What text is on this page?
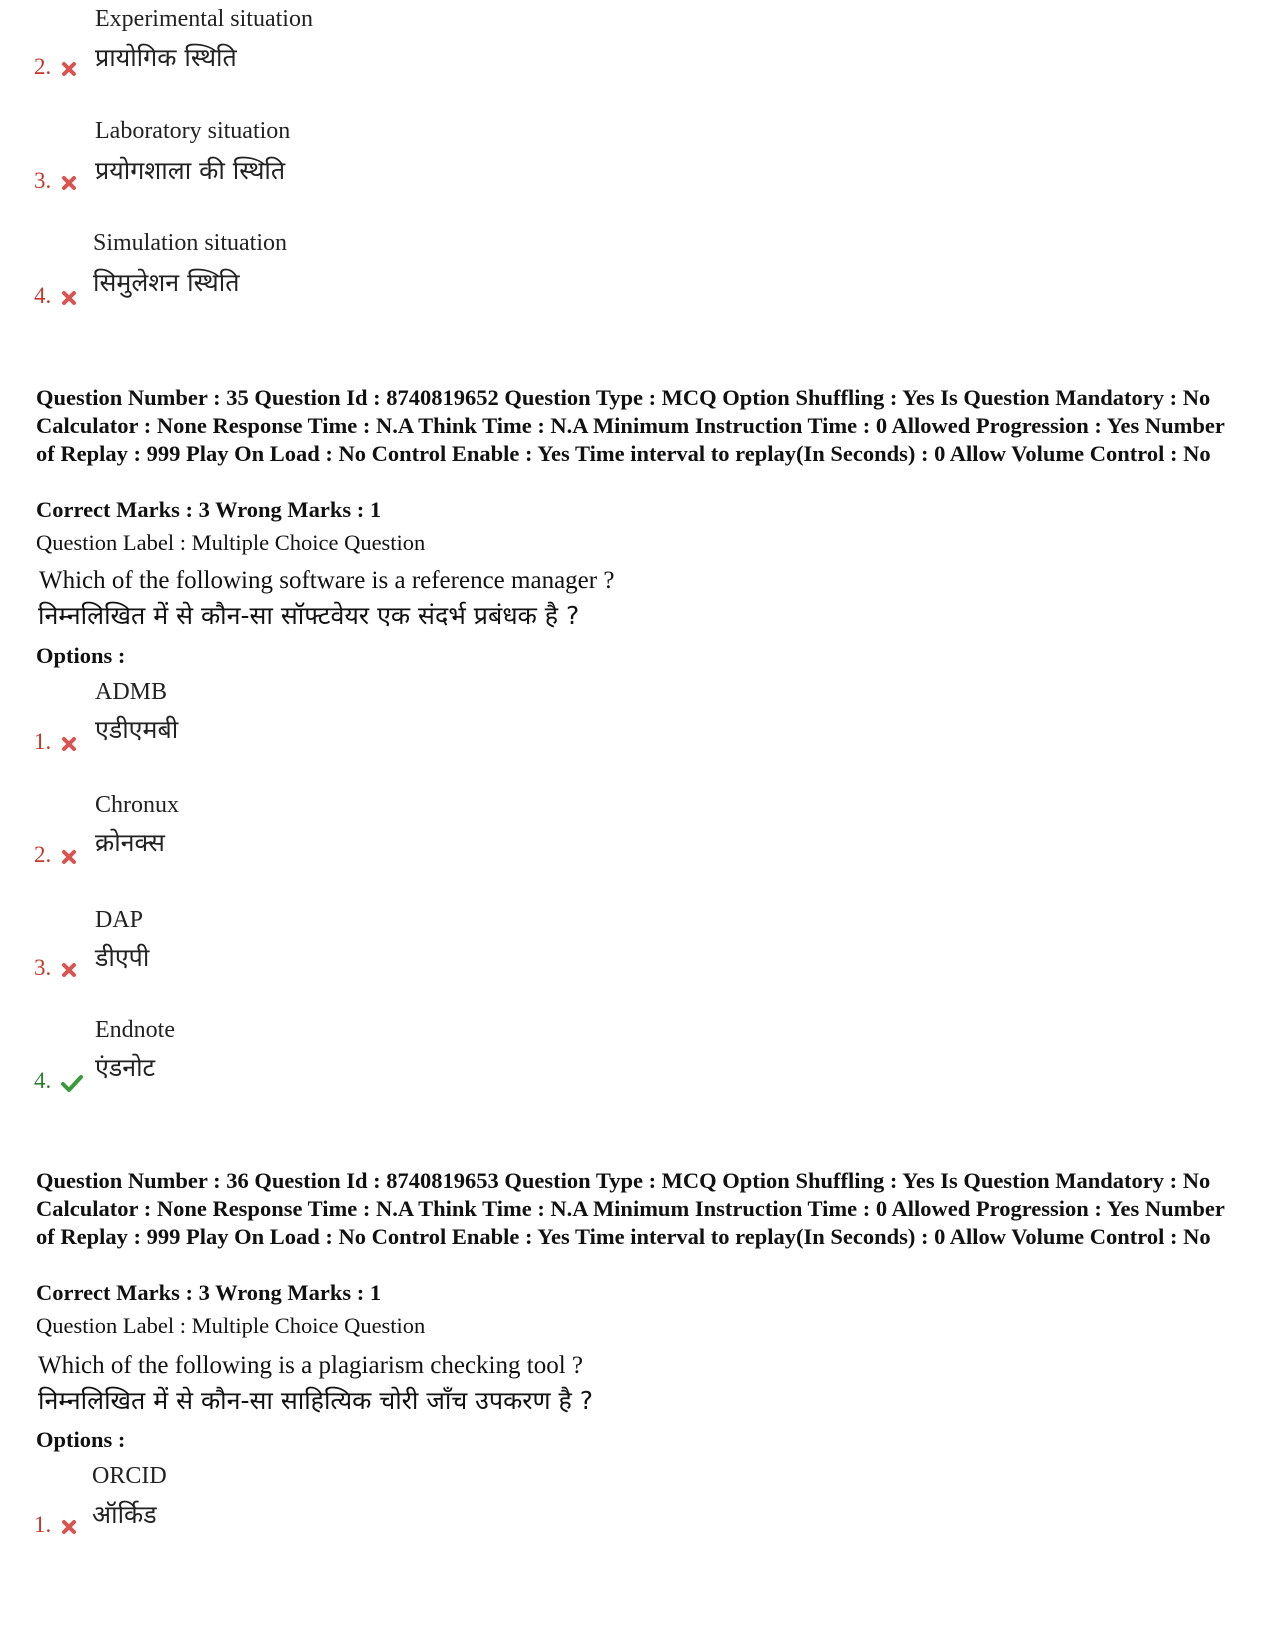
Experimental situation
प्रायोगिक स्थिति
2.
Laboratory situation
प्रयोगशाला की स्थिति
3.
Simulation situation
सिमुलेशन स्थिति
4.
Question Number : 35 Question Id : 8740819652 Question Type : MCQ Option Shuffling : Yes Is Question Mandatory : No Calculator : None Response Time : N.A Think Time : N.A Minimum Instruction Time : 0 Allowed Progression : Yes Number of Replay : 999 Play On Load : No Control Enable : Yes Time interval to replay(In Seconds) : 0 Allow Volume Control : No
Correct Marks : 3 Wrong Marks : 1
Question Label : Multiple Choice Question
Which of the following software is a reference manager ?
निम्नलिखित में से कौन-सा सॉफ्टवेयर एक संदर्भ प्रबंधक है ?
Options :
ADMB
एडीएमबी
1.
Chronux
क्रोनक्स
2.
DAP
डीएपी
3.
Endnote
एंडनोट
4.
Question Number : 36 Question Id : 8740819653 Question Type : MCQ Option Shuffling : Yes Is Question Mandatory : No Calculator : None Response Time : N.A Think Time : N.A Minimum Instruction Time : 0 Allowed Progression : Yes Number of Replay : 999 Play On Load : No Control Enable : Yes Time interval to replay(In Seconds) : 0 Allow Volume Control : No
Correct Marks : 3 Wrong Marks : 1
Question Label : Multiple Choice Question
Which of the following is a plagiarism checking tool ?
निम्नलिखित में से कौन-सा साहित्यिक चोरी जाँच उपकरण है ?
Options :
ORCID
ऑर्किड
1.
